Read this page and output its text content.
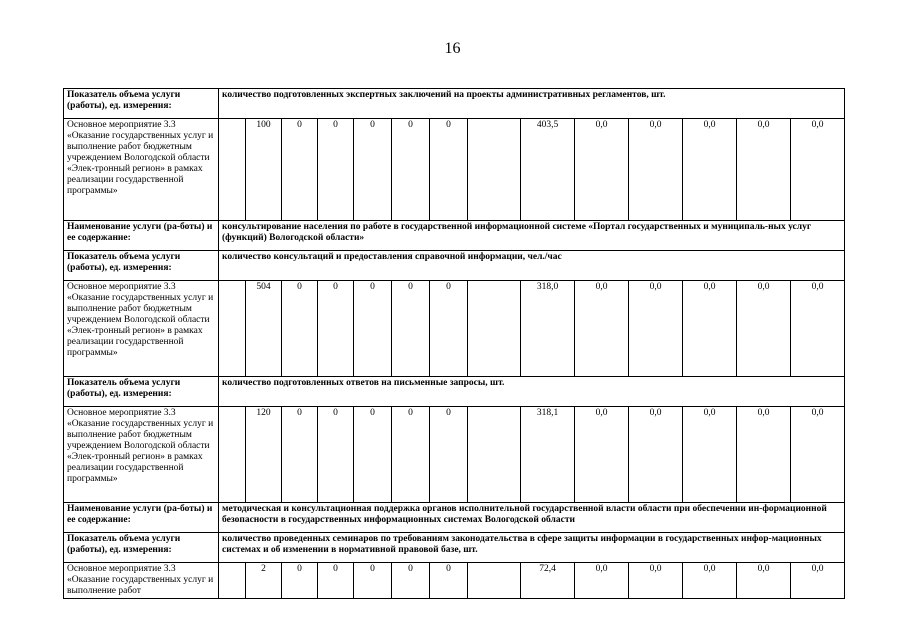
16
Показатель объема услуги (работы), ед. измерения:	количество подготовленных экспертных заключений на проекты административных регламентов, шт.													
Основное мероприятие 3.3 «Оказание государственных услуг и выполнение работ бюджетным учреждением Вологодской области «Элек-тронный регион» в рамках реализации государственной программы»		100	0	0	0	0	0		403,5	0,0	0,0	0,0	0,0	0,0
Наименование услуги (ра-боты) и ее содержание:	консультирование населения по работе в государственной информационной системе «Портал государственных и муниципаль-ных услуг (функций) Вологодской области»													
Показатель объема услуги (работы), ед. измерения:	количество консультаций и предоставления справочной информации, чел./час													
Основное мероприятие 3.3 «Оказание государственных услуг и выполнение работ бюджетным учреждением Вологодской области «Элек-тронный регион» в рамках реализации государственной программы»		504	0	0	0	0	0		318,0	0,0	0,0	0,0	0,0	0,0
Показатель объема услуги (работы), ед. измерения:	количество подготовленных ответов на письменные запросы, шт.													
Основное мероприятие 3.3 «Оказание государственных услуг и выполнение работ бюджетным учреждением Вологодской области «Элек-тронный регион» в рамках реализации государственной программы»		120	0	0	0	0	0		318,1	0,0	0,0	0,0	0,0	0,0
Наименование услуги (ра-боты) и ее содержание:	методическая и консультационная поддержка органов исполнительной государственной власти области при обеспечении ин-формационной безопасности в государственных информационных системах Вологодской области													
Показатель объема услуги (работы), ед. измерения:	количество проведенных семинаров по требованиям законодательства в сфере защиты информации в государственных инфор-мационных системах и об изменении в нормативной правовой базе, шт.													
Основное мероприятие 3.3 «Оказание государственных услуг и выполнение работ		2	0	0	0	0	0		72,4	0,0	0,0	0,0	0,0	0,0
